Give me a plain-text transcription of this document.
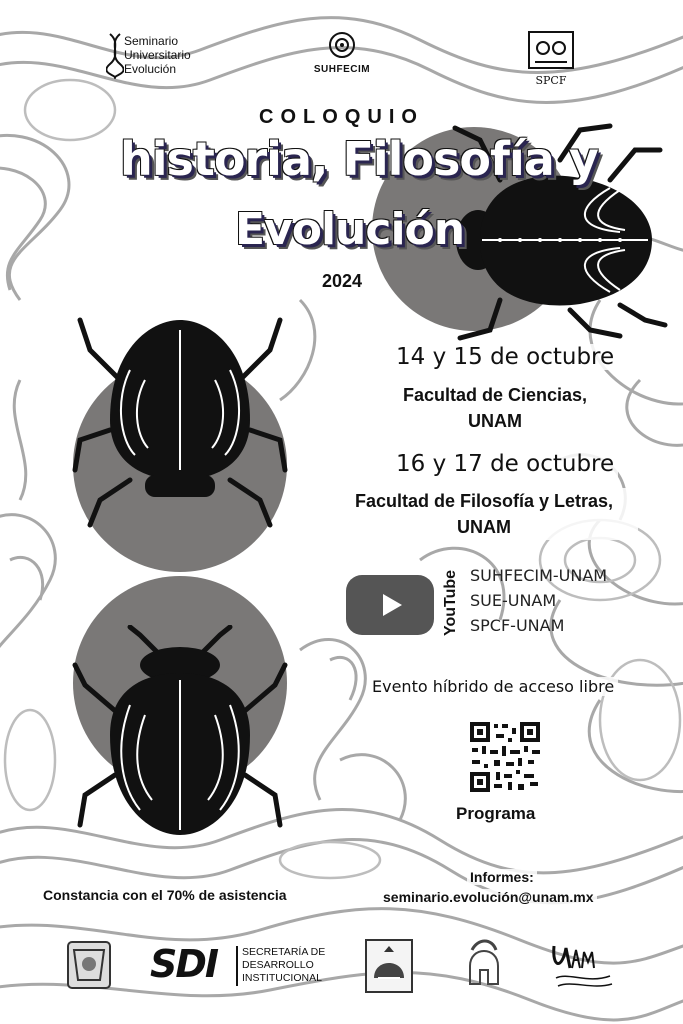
Seminario
Universitario
Evolución	SUHFECIM
SPCF
COLOQUIO
historia, Filosofía y
Evolución
2024
14 y 15 de octubre
Facultad de Ciencias,
UNAM
16 y 17 de octubre
Facultad de Filosofía y Letras,
UNAM
YouTube SUHFECIM-UNAM
SUE-UNAM
SPCF-UNAM
Evento híbrido de acceso libre
Programa
Constancia con el 70% de asistencia
Informes:
seminario.evolución@unam.mx
SDI SECRETARÍA DE
DESARROLLO
INSTITUCIONAL
